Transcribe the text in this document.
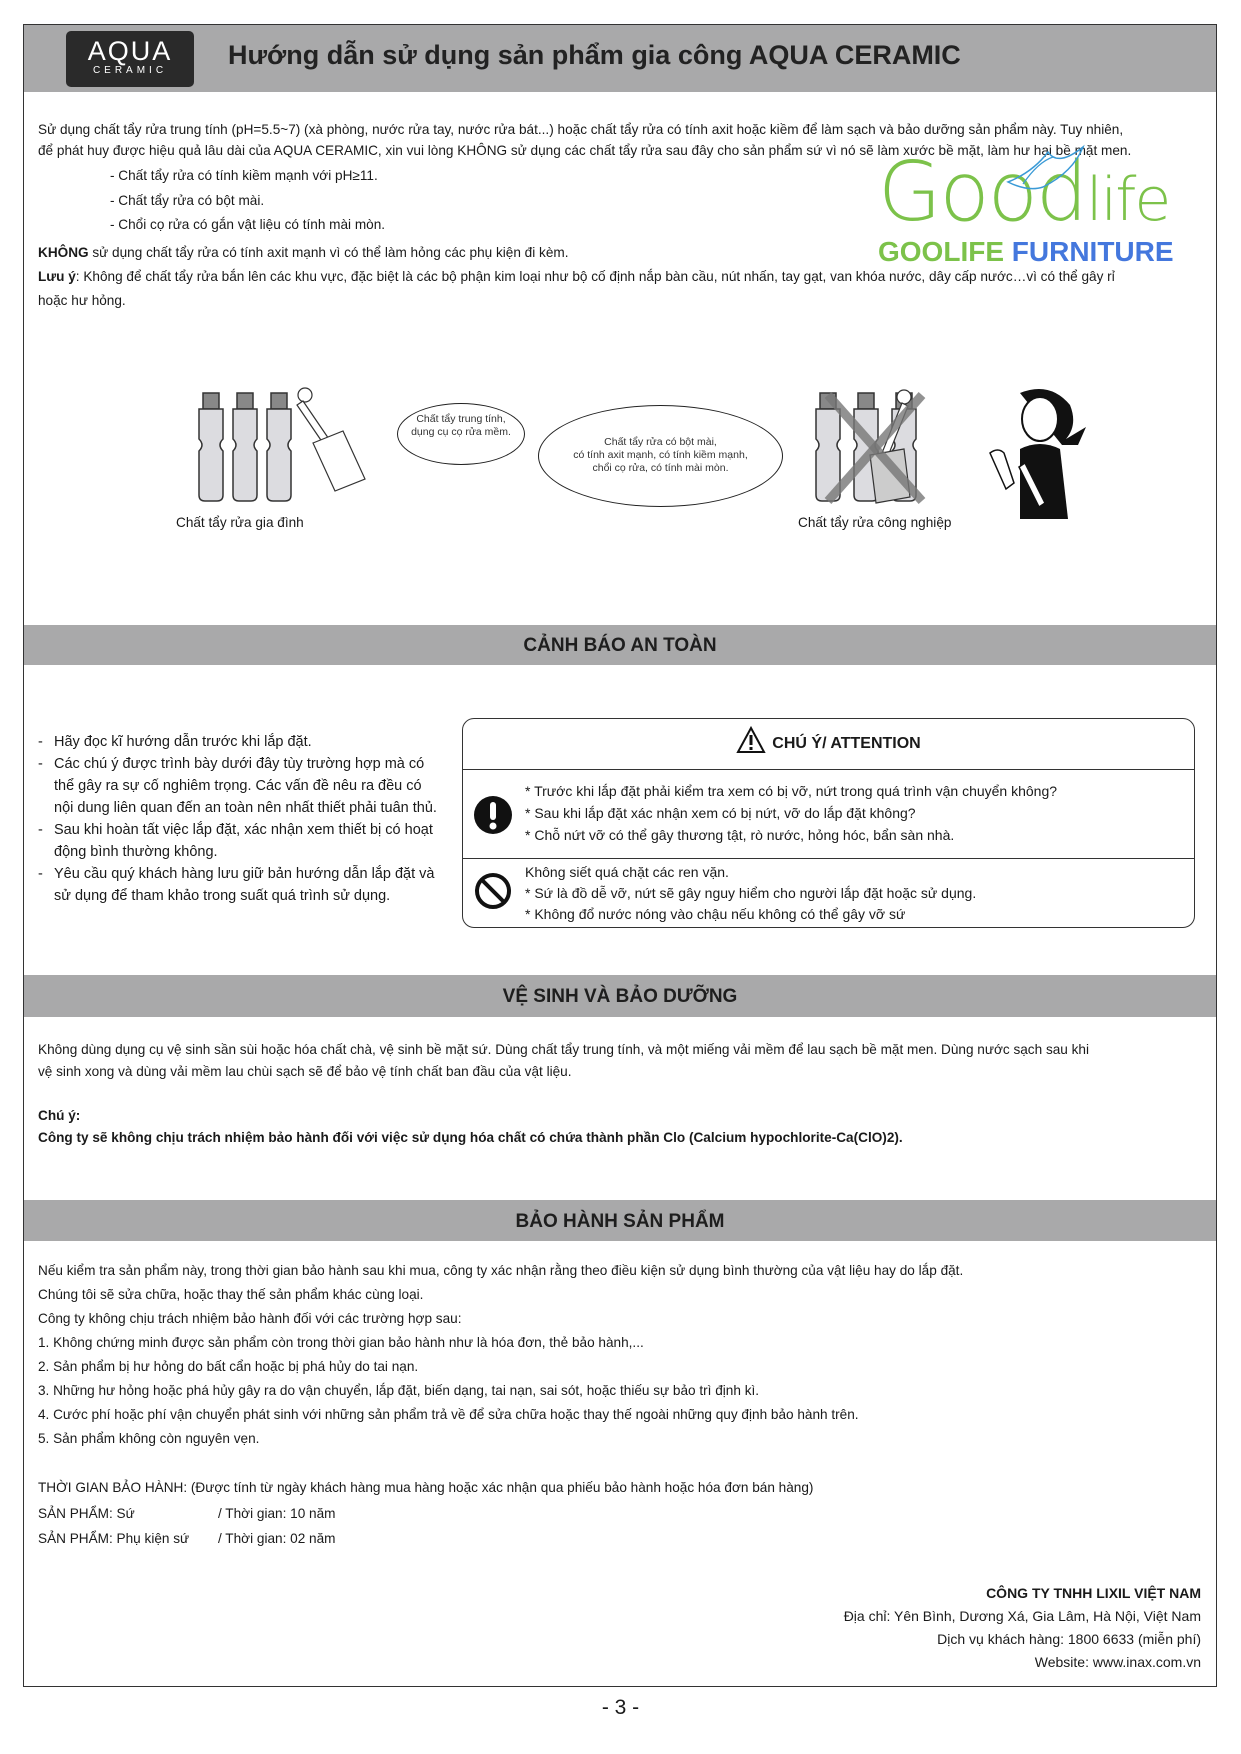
AQUA
CERAMIC
Hướng dẫn sử dụng sản phẩm gia công AQUA CERAMIC
Sử dụng chất tẩy rửa trung tính (pH=5.5~7) (xà phòng, nước rửa tay, nước rửa bát...) hoặc chất tẩy rửa có tính axit hoặc kiềm để làm sạch và bảo dưỡng sản phẩm này. Tuy nhiên,
để phát huy được hiệu quả lâu dài của AQUA CERAMIC, xin vui lòng KHÔNG sử dụng các chất tẩy rửa sau đây cho sản phẩm sứ vì nó sẽ làm xước bề mặt, làm hư hại bề mặt men.
- Chất tẩy rửa có tính kiềm mạnh với pH≥11.
- Chất tẩy rửa có bột mài.
- Chổi cọ rửa có gắn vật liệu có tính mài mòn.
KHÔNG sử dụng chất tẩy rửa có tính axit mạnh vì có thể làm hỏng các phụ kiện đi kèm.
Lưu ý: Không để chất tẩy rửa bắn lên các khu vực, đặc biệt là các bộ phận kim loại như bộ cố định nắp bàn cầu, nút nhấn, tay gạt, van khóa nước, dây cấp nước…vì có thể gây rỉ
hoặc hư hỏng.
Goodlife
GOOLIFE FURNITURE
Chất tẩy trung tính,
dụng cụ cọ rửa mềm.
Chất tẩy rửa gia đình
Chất tẩy rửa có bột mài,
có tính axit mạnh, có tính kiềm mạnh,
chổi cọ rửa, có tính mài mòn.
Chất tẩy rửa công nghiệp
CẢNH BÁO AN TOÀN
- Hãy đọc kĩ hướng dẫn trước khi lắp đặt.
- Các chú ý được trình bày dưới đây tùy trường hợp mà có
thể gây ra sự cố nghiêm trọng. Các vấn đề nêu ra đều có
nội dung liên quan đến an toàn nên nhất thiết phải tuân thủ.
- Sau khi hoàn tất việc lắp đặt, xác nhận xem thiết bị có hoạt
động bình thường không.
- Yêu cầu quý khách hàng lưu giữ bản hướng dẫn lắp đặt và
sử dụng để tham khảo trong suất quá trình sử dụng.
CHÚ Ý/ ATTENTION
* Trước khi lắp đặt phải kiểm tra xem có bị vỡ, nứt trong quá trình vận chuyển không?
* Sau khi lắp đặt xác nhận xem có bị nứt, vỡ do lắp đặt không?
* Chỗ nứt vỡ có thể gây thương tật, rò nước, hỏng hóc, bẩn sàn nhà.
Không siết quá chặt các ren vặn.
* Sứ là đồ dễ vỡ, nứt sẽ gây nguy hiểm cho người lắp đặt hoặc sử dụng.
* Không đổ nước nóng vào chậu nếu không có thể gây vỡ sứ
VỆ SINH VÀ BẢO DƯỠNG
Không dùng dụng cụ vệ sinh sần sùi hoặc hóa chất chà, vệ sinh bề mặt sứ. Dùng chất tẩy trung tính, và một miếng vải mềm để lau sạch bề mặt men. Dùng nước sạch sau khi
vệ sinh xong và dùng vải mềm lau chùi sạch sẽ để bảo vệ tính chất ban đầu của vật liệu.
Chú ý:
Công ty sẽ không chịu trách nhiệm bảo hành đối với việc sử dụng hóa chất có chứa thành phần Clo (Calcium hypochlorite-Ca(ClO)2).
BẢO HÀNH SẢN PHẨM
Nếu kiểm tra sản phẩm này, trong thời gian bảo hành sau khi mua, công ty xác nhận rằng theo điều kiện sử dụng bình thường của vật liệu hay do lắp đặt.
Chúng tôi sẽ sửa chữa, hoặc thay thế sản phẩm khác cùng loại.
Công ty không chịu trách nhiệm bảo hành đối với các trường hợp sau:
1. Không chứng minh được sản phẩm còn trong thời gian bảo hành như là hóa đơn, thẻ bảo hành,...
2. Sản phẩm bị hư hỏng do bất cẩn hoặc bị phá hủy do tai nạn.
3. Những hư hỏng hoặc phá hủy gây ra do vận chuyển, lắp đặt, biến dạng, tai nạn, sai sót, hoặc thiếu sự bảo trì định kì.
4. Cước phí hoặc phí vận chuyển phát sinh với những sản phẩm trả về để sửa chữa hoặc thay thế ngoài những quy định bảo hành trên.
5. Sản phẩm không còn nguyên vẹn.
THỜI GIAN BẢO HÀNH: (Được tính từ ngày khách hàng mua hàng hoặc xác nhận qua phiếu bảo hành hoặc hóa đơn bán hàng)
SẢN PHẨM: Sứ	/ Thời gian: 10 năm
SẢN PHẨM: Phụ kiện sứ / Thời gian: 02 năm
CÔNG TY TNHH LIXIL VIỆT NAM
Địa chỉ: Yên Bình, Dương Xá, Gia Lâm, Hà Nội, Việt Nam
Dịch vụ khách hàng: 1800 6633 (miễn phí)
Website: www.inax.com.vn
- 3 -
